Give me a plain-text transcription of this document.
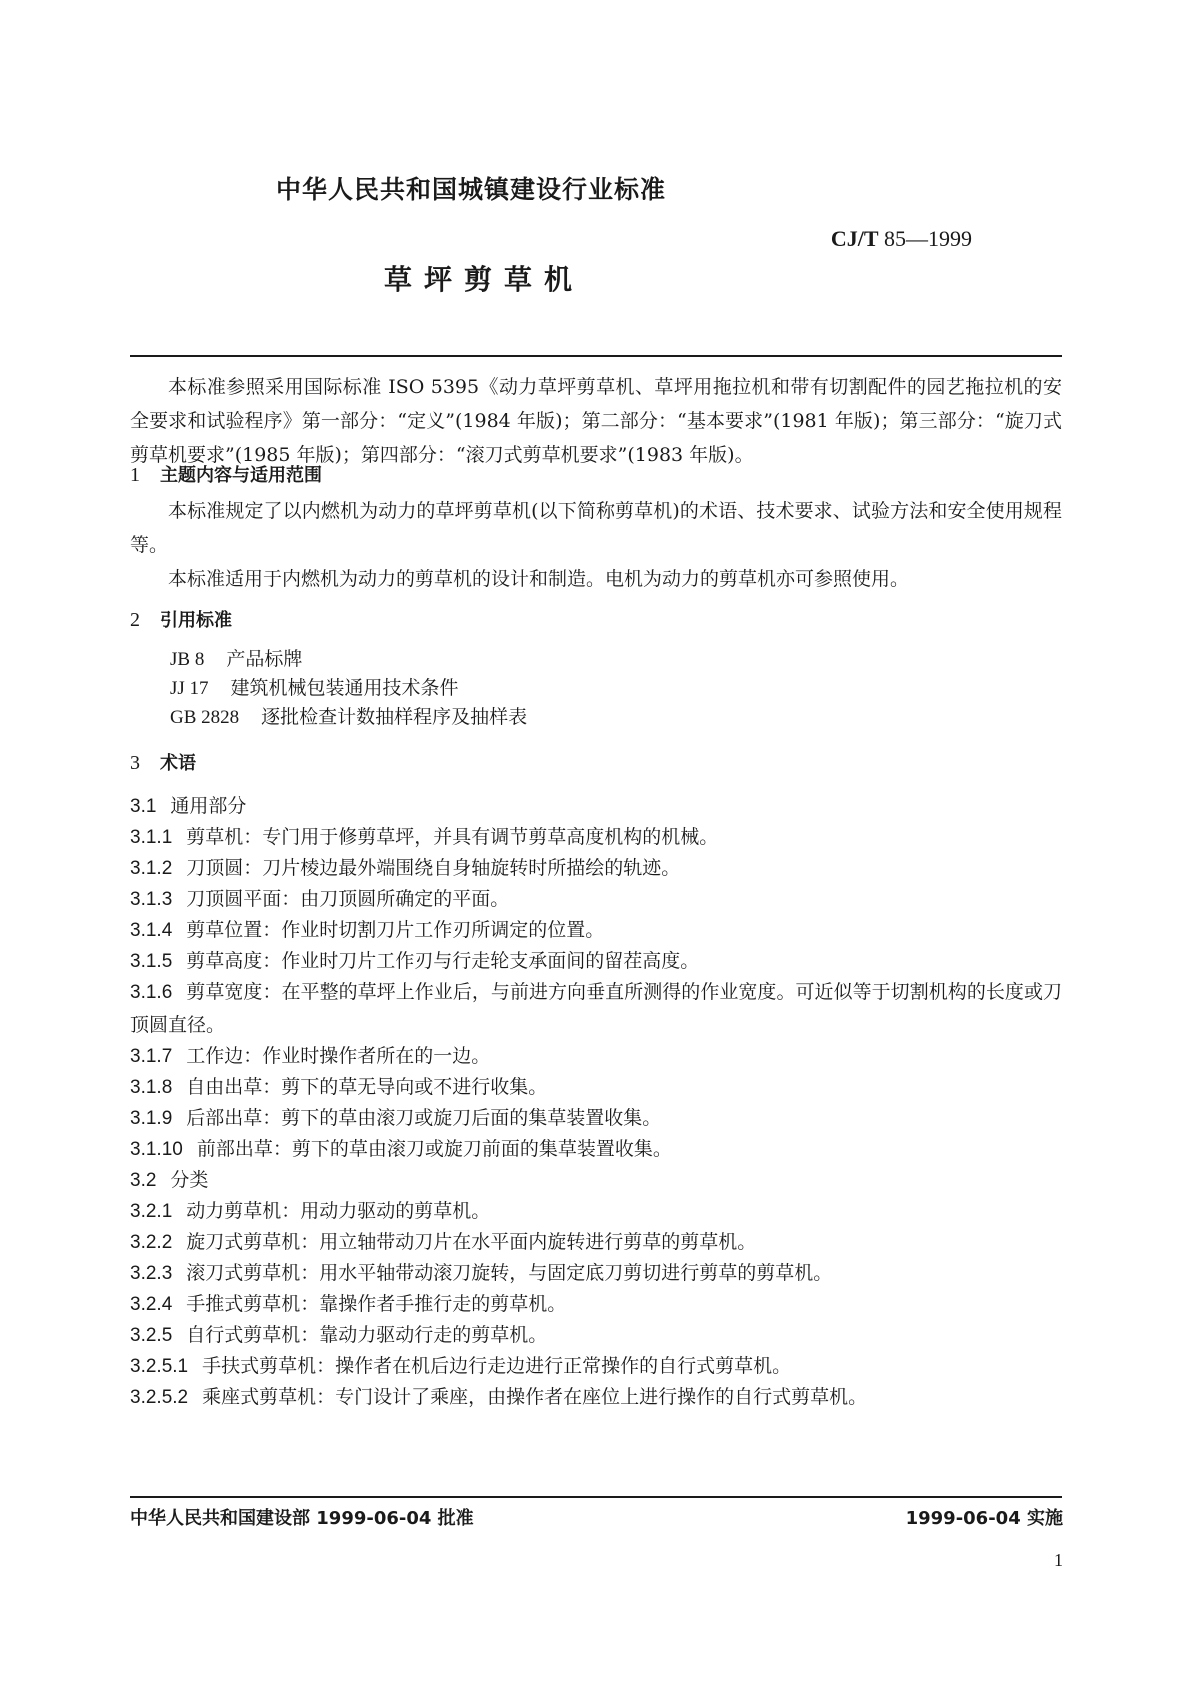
中华人民共和国城镇建设行业标准
CJ/T 85—1999
草坪剪草机

本标准参照采用国际标准 ISO 5395《动力草坪剪草机、草坪用拖拉机和带有切割配件的园艺拖拉机的安全要求和试验程序》第一部分：“定义”(1984 年版)；第二部分：“基本要求”(1981 年版)；第三部分：“旋刀式剪草机要求”(1985 年版)；第四部分：“滚刀式剪草机要求”(1983 年版)。

1 主题内容与适用范围

本标准规定了以内燃机为动力的草坪剪草机(以下简称剪草机)的术语、技术要求、试验方法和安全使用规程等。

本标准适用于内燃机为动力的剪草机的设计和制造。电机为动力的剪草机亦可参照使用。

2 引用标准
JB 8 产品标牌
JJ 17 建筑机械包装通用技术条件
GB 2828 逐批检查计数抽样程序及抽样表
3 术语
3.1 通用部分
3.1.1 剪草机：专门用于修剪草坪，并具有调节剪草高度机构的机械。
3.1.2 刀顶圆：刀片棱边最外端围绕自身轴旋转时所描绘的轨迹。
3.1.3 刀顶圆平面：由刀顶圆所确定的平面。
3.1.4 剪草位置：作业时切割刀片工作刃所调定的位置。
3.1.5 剪草高度：作业时刀片工作刃与行走轮支承面间的留茬高度。
3.1.6 剪草宽度：在平整的草坪上作业后，与前进方向垂直所测得的作业宽度。可近似等于切割机构的长度或刀顶圆直径。
3.1.7 工作边：作业时操作者所在的一边。
3.1.8 自由出草：剪下的草无导向或不进行收集。
3.1.9 后部出草：剪下的草由滚刀或旋刀后面的集草装置收集。
3.1.10 前部出草：剪下的草由滚刀或旋刀前面的集草装置收集。
3.2 分类
3.2.1 动力剪草机：用动力驱动的剪草机。
3.2.2 旋刀式剪草机：用立轴带动刀片在水平面内旋转进行剪草的剪草机。
3.2.3 滚刀式剪草机：用水平轴带动滚刀旋转，与固定底刀剪切进行剪草的剪草机。
3.2.4 手推式剪草机：靠操作者手推行走的剪草机。
3.2.5 自行式剪草机：靠动力驱动行走的剪草机。
3.2.5.1 手扶式剪草机：操作者在机后边行走边进行正常操作的自行式剪草机。
3.2.5.2 乘座式剪草机：专门设计了乘座，由操作者在座位上进行操作的自行式剪草机。
中华人民共和国建设部 1999-06-04 批准	1999-06-04 实施
1
